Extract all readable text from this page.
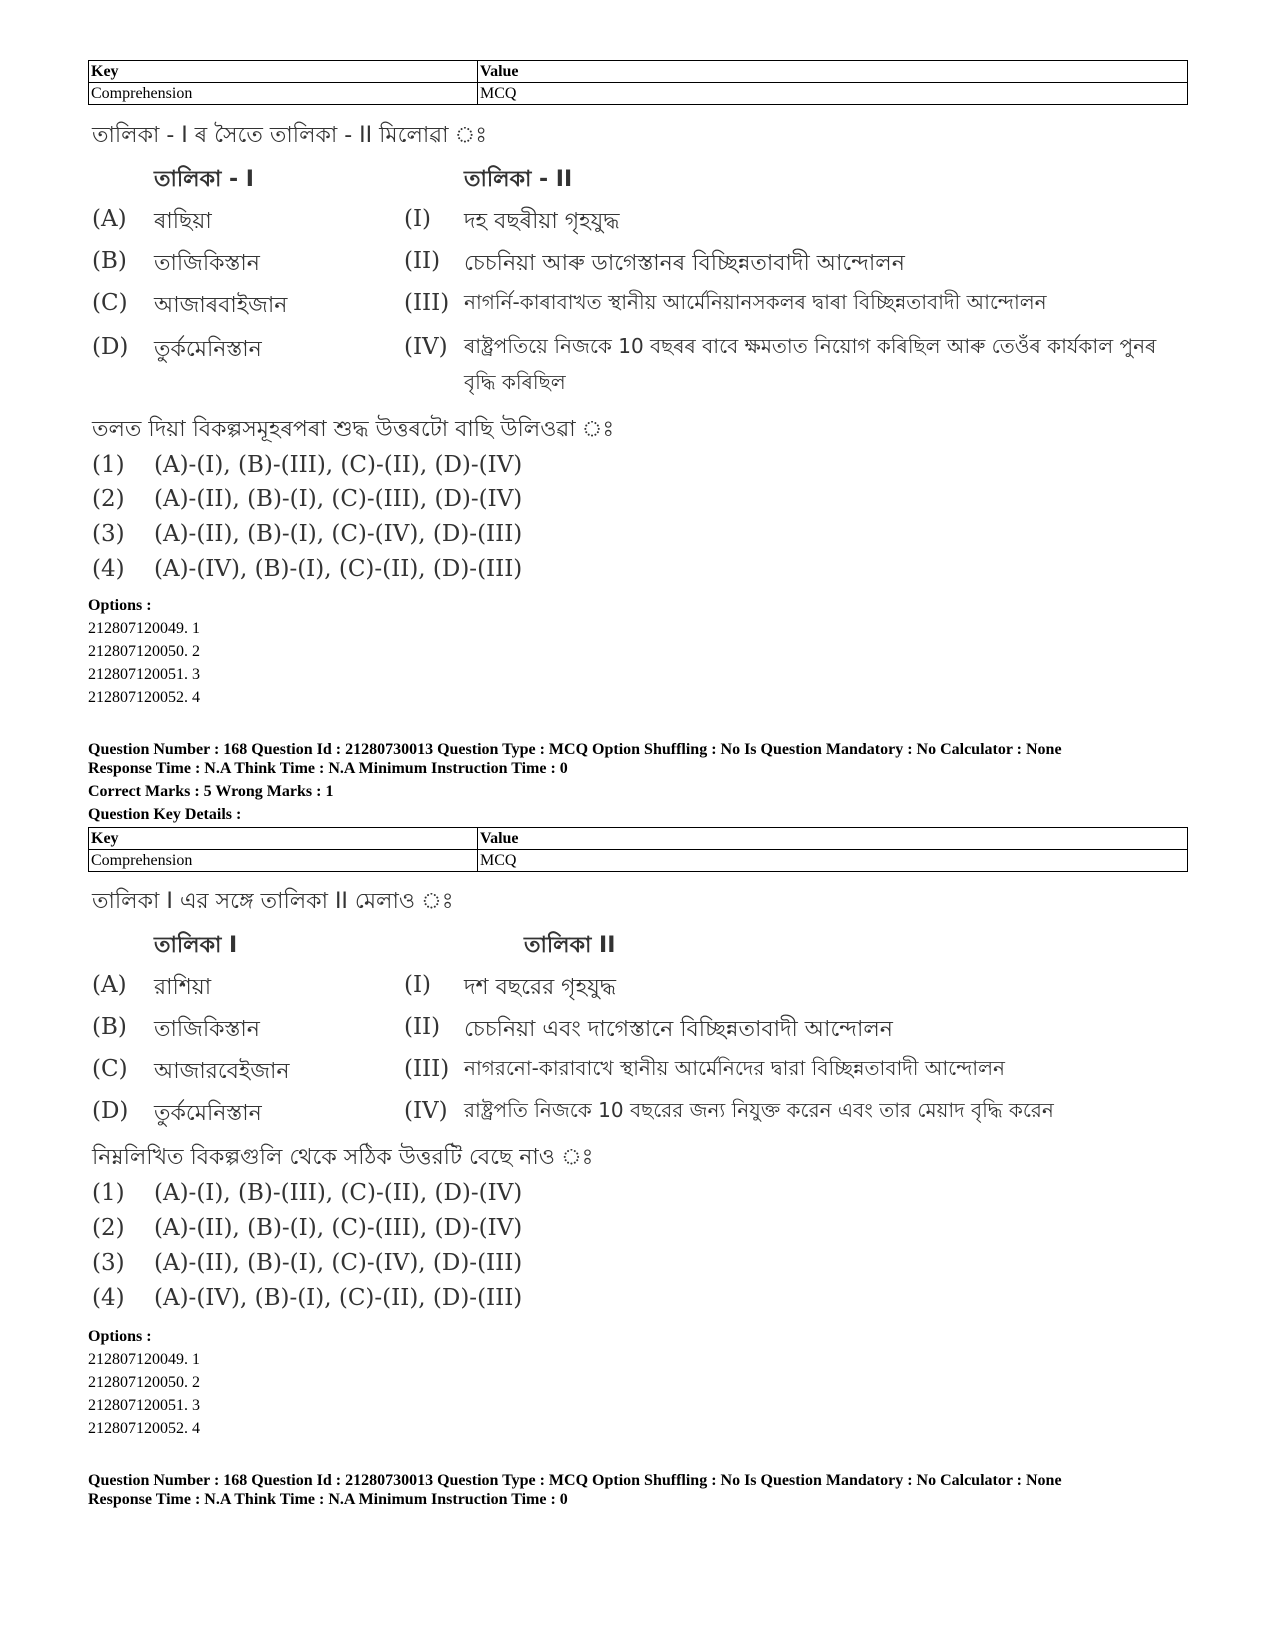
Key	Value
Comprehension	MCQ
তালিকা - I ৰ সৈতে তালিকা - II মিলোৱা ঃ
তালিকা - I	তালিকা - II
(A) ৰাছিয়া	(I) দহ বছৰীয়া গৃহযুদ্ধ
(B) তাজিকিস্তান	(II) চেচনিয়া আৰু ডাগেস্তানৰ বিচ্ছিন্নতাবাদী আন্দোলন
(C) আজাৰবাইজান	(III) নাগৰ্নি-কাৰাবাখত স্থানীয় আৰ্মেনিয়ানসকলৰ দ্বাৰা বিচ্ছিন্নতাবাদী আন্দোলন
(D) তুৰ্কমেনিস্তান	(IV) ৰাষ্ট্ৰপতিয়ে নিজকে 10 বছৰৰ বাবে ক্ষমতাত নিয়োগ কৰিছিল আৰু তেওঁৰ কাৰ্যকাল পুনৰ বৃদ্ধি কৰিছিল
তলত দিয়া বিকল্পসমূহৰপৰা শুদ্ধ উত্তৰটো বাছি উলিওৱা ঃ
(1) (A)-(I), (B)-(III), (C)-(II), (D)-(IV)
(2) (A)-(II), (B)-(I), (C)-(III), (D)-(IV)
(3) (A)-(II), (B)-(I), (C)-(IV), (D)-(III)
(4) (A)-(IV), (B)-(I), (C)-(II), (D)-(III)
Options :
212807120049. 1
212807120050. 2
212807120051. 3
212807120052. 4
Question Number : 168 Question Id : 21280730013 Question Type : MCQ Option Shuffling : No Is Question Mandatory : No Calculator : None
Response Time : N.A Think Time : N.A Minimum Instruction Time : 0
Correct Marks : 5 Wrong Marks : 1
Question Key Details :
Key	Value
Comprehension	MCQ
তালিকা I এর সঙ্গে তালিকা II মেলাও ঃ
তালিকা I	তালিকা II
(A) রাশিয়া	(I) দশ বছরের গৃহযুদ্ধ
(B) তাজিকিস্তান	(II) চেচনিয়া এবং দাগেস্তানে বিচ্ছিন্নতাবাদী আন্দোলন
(C) আজারবেইজান	(III) নাগরনো-কারাবাখে স্থানীয় আর্মেনিদের দ্বারা বিচ্ছিন্নতাবাদী আন্দোলন
(D) তুর্কমেনিস্তান	(IV) রাষ্ট্রপতি নিজকে 10 বছরের জন্য নিযুক্ত করেন এবং তার মেয়াদ বৃদ্ধি করেন
নিম্নলিখিত বিকল্পগুলি থেকে সঠিক উত্তরটি বেছে নাও ঃ
(1) (A)-(I), (B)-(III), (C)-(II), (D)-(IV)
(2) (A)-(II), (B)-(I), (C)-(III), (D)-(IV)
(3) (A)-(II), (B)-(I), (C)-(IV), (D)-(III)
(4) (A)-(IV), (B)-(I), (C)-(II), (D)-(III)
Options :
212807120049. 1
212807120050. 2
212807120051. 3
212807120052. 4
Question Number : 168 Question Id : 21280730013 Question Type : MCQ Option Shuffling : No Is Question Mandatory : No Calculator : None
Response Time : N.A Think Time : N.A Minimum Instruction Time : 0
